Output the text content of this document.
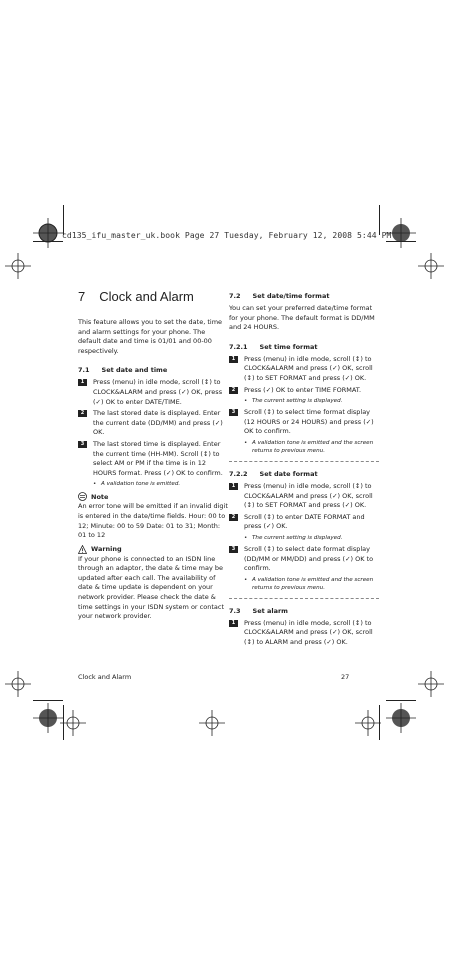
cd135_ifu_master_uk.book Page 27 Tuesday, February 12, 2008 5:44 PM
7 Clock and Alarm

This feature allows you to set the date, time and alarm settings for your phone. The default date and time is 01/01 and 00-00 respectively.

7.1 Set date and time
1	Press (menu) in idle mode, scroll (↕) to CLOCK&ALARM and press (✓) OK, press (✓) OK to enter DATE/TIME.
2	The last stored date is displayed. Enter the current date (DD/MM) and press (✓) OK.
3	The last stored time is displayed. Enter the current time (HH-MM). Scroll (↕) to select AM or PM if the time is in 12 HOURS format. Press (✓) OK to confirm.
• A validation tone is emitted.
Note

An error tone will be emitted if an invalid digit is entered in the date/time fields. Hour: 00 to 12; Minute: 00 to 59 Date: 01 to 31; Month: 01 to 12

Warning

If your phone is connected to an ISDN line through an adaptor, the date & time may be updated after each call. The availability of date & time update is dependent on your network provider. Please check the date & time settings in your ISDN system or contact your network provider.

7.2 Set date/time format

You can set your preferred date/time format for your phone. The default format is DD/MM and 24 HOURS.

7.2.1 Set time format
1	Press (menu) in idle mode, scroll (↕) to CLOCK&ALARM and press (✓) OK, scroll (↕) to SET FORMAT and press (✓) OK.
2	Press (✓) OK to enter TIME FORMAT.
• The current setting is displayed.
3	Scroll (↕) to select time format display (12 HOURS or 24 HOURS) and press (✓) OK to confirm.
• A validation tone is emitted and the screen returns to previous menu.
7.2.2 Set date format
1	Press (menu) in idle mode, scroll (↕) to CLOCK&ALARM and press (✓) OK, scroll (↕) to SET FORMAT and press (✓) OK.
2	Scroll (↕) to enter DATE FORMAT and press (✓) OK.
• The current setting is displayed.
3	Scroll (↕) to select date format display (DD/MM or MM/DD) and press (✓) OK to confirm.
• A validation tone is emitted and the screen returns to previous menu.
7.3 Set alarm
1	Press (menu) in idle mode, scroll (↕) to CLOCK&ALARM and press (✓) OK, scroll (↕) to ALARM and press (✓) OK.
Clock and Alarm	27
